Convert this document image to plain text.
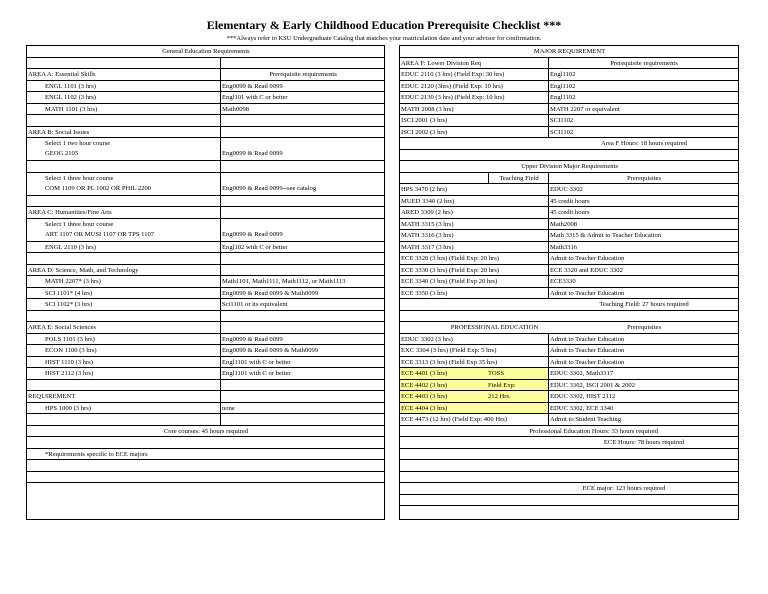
Elementary & Early Childhood Education Prerequisite Checklist ***
***Always refer to KSU Undergraduate Catalog that matches your matriculation date and your advisor for confirmation.
General Education Requirements
AREA A: Essential Skills	Prerequisite requirements
ENGL 1101 (3 hrs)	Eng0099 & Read 0099
ENGL 1102 (3 hrs)	Engl101 with C or better
MATH 1101 (3 hrs)	Math0098
AREA B: Social Issues
Select 1 two hour course
GEOG 2105
	Eng0099 & Read 0099
Select 1 three hour course
COM 1109 OR PL 1002 OR PHIL 2200
	Eng0099 & Read 0099--see catalog
AREA C: Humanities/Fine Arts
Select 1 three hour course
ART 1107 OR MUSI 1107 OR TPS 1107
	Eng0099 & Read 0099
ENGL 2110 (3 hrs)	Engl102 with C or better
AREA D: Science, Math, and Technology
MATH 2207* (3 hrs)	Math1101, Math1111, Math1112, or Math1113
SCI 1101* (4 hrs)	Eng0099 & Read 0099 & Math0099
SCI 1102* (3 hrs)	Sci1101 or its equivalent
AREA E: Social Sciences
POLS 1101 (3 hrs)	Eng0099 & Read 0099
ECON 1100 (3 hrs)	Eng0099 & Read 0099 & Math0099
HIST 1110 (3 hrs)	Engl1101 with C or better
HIST 2112 (3 hrs)	Engl1101 with C or better
REQUIREMENT
HPS 1000 (3 hrs)	none
Core courses: 45 hours required
*Requirements specific to ECE majors
MAJOR REQUIREMENT
AREA F: Lower Division Req	Prerequisite requirements
EDUC 2110 (3 hrs) (Field Exp: 30 hrs)	Engl1102
EDUC 2120 (3hrs) (Field Exp: 10 hrs)	Engl1102
EDUC 2130 (3 hrs) (Field Exp: 10 hrs)	Engl1102
MATH 2008 (3 hrs)	MATH 2207 or equivalent
ISCI 2001 (3 hrs)	SCI1102
ISCI 2002 (3 hrs)	SCI1102
Area F Hours: 18 hours required
Upper Division Major Requirements
Teaching Field	Prerequisites
HPS 3470 (2 hrs)	EDUC 3302
MUED 3340 (2 hrs)	45 credit hours
ARED 3309 (2 hrs)	45 credit hours
MATH 3315 (3 hrs)	Math2008
MATH 3316 (3 hrs)	Math 3315 & Admit to Teacher Education
MATH 3317 (3 hrs)	Math3316
ECE 3320 (3 hrs) (Field Exp: 20 hrs)	Admit to Teacher Education
ECE 3330 (3 hrs) (Field Exp: 20 hrs)	ECE 3320 and EDUC 3302
ECE 3340 (3 hrs) (Field Exp 20 hrs)	ECE3330
ECE 3350 (3 hrs)	Admit to Teacher Education
Teaching Field: 27 hours required
PROFESSIONAL EDUCATION	Prerequisites
EDUC 3302 (3 hrs)	Admit to Teacher Education
EXC 3304 (3 hrs) (Field Exp: 5 hrs)	Admit to Teacher Education
ECE 3313 (3 hrs) (Field Exp 35 hrs)	Admit to Teacher Education
ECE 4401 (3 hrs)	TOSS	EDUC 3302, Math3317
ECE 4402 (3 hrs)	Field Exp:	EDUC 3302, ISCI 2001 & 2002
ECE 4403 (3 hrs)	212 Hrs.	EDUC 3302, HIST 2112
ECE 4404 (3 hrs)	EDUC 3302, ECE 3340
ECE 4473 (12 hrs) (Field Exp: 400 Hrs)	Admit to Student Teaching
Professional Education Hours: 33 hours required
ECE Hours: 78 hours required
ECE major: 123 hours required
